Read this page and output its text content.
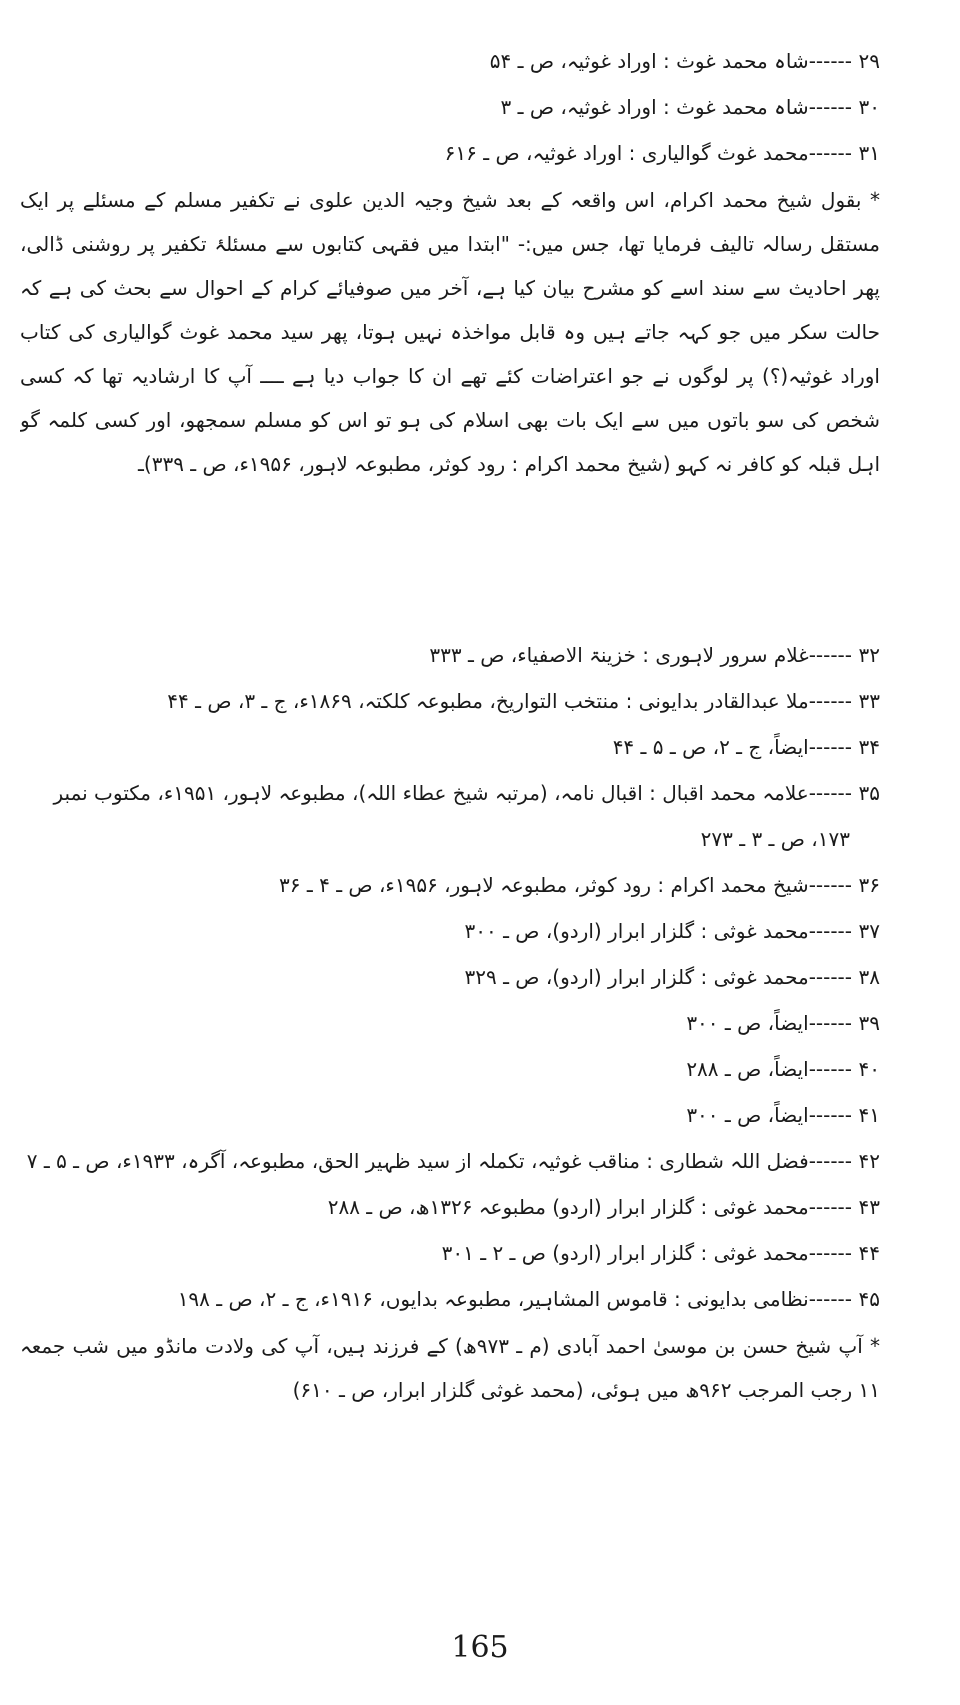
۲۹------شاہ محمد غوث : اوراد غوثیہ، ص ـ ۵۴
۳۰------شاہ محمد غوث : اوراد غوثیہ، ص ـ ۳
۳۱------محمد غوث گوالیاری : اوراد غوثیہ، ص ـ ۶۱۶
* بقول شیخ محمد اکرام، اس واقعہ کے بعد شیخ وجیہ الدین علوی نے تکفیر مسلم کے مسئلے پر ایک مستقل رسالہ تالیف فرمایا تھا، جس میں:- "ابتدا میں فقہی کتابوں سے مسئلۂ تکفیر پر روشنی ڈالی، پھر احادیث سے سند اسے کو مشرح بیان کیا ہے، آخر میں صوفیائے کرام کے احوال سے بحث کی ہے کہ حالت سکر میں جو کہہ جاتے ہیں وہ قابل مواخذہ نہیں ہوتا، پھر سید محمد غوث گوالیاری کی کتاب اوراد غوثیہ(؟) پر لوگوں نے جو اعتراضات کئے تھے ان کا جواب دیا ہے ــــ آپ کا ارشادیہ تھا کہ کسی شخص کی سو باتوں میں سے ایک بات بھی اسلام کی ہو تو اس کو مسلم سمجھو، اور کسی کلمہ گو اہل قبلہ کو کافر نہ کہو (شیخ محمد اکرام : رود کوثر، مطبوعہ لاہور، ۱۹۵۶ء، ص ـ ۳۳۹)ـ
۳۲------غلام سرور لاہوری : خزینۃ الاصفیاء، ص ـ ۳۳۳
۳۳------ملا عبدالقادر بدایونی : منتخب التواریخ، مطبوعہ کلکتہ، ۱۸۶۹ء، ج ـ ۳، ص ـ ۴۴
۳۴------ایضاً، ج ـ ۲، ص ـ ۵ ـ ۴۴
۳۵------علامہ محمد اقبال : اقبال نامہ، (مرتبہ شیخ عطاء اللہ)، مطبوعہ لاہور، ۱۹۵۱ء، مکتوب نمبر
۱۷۳، ص ـ ۳ ـ ۲۷۳
۳۶------شیخ محمد اکرام : رود کوثر، مطبوعہ لاہور، ۱۹۵۶ء، ص ـ ۴ ـ ۳۶
۳۷------محمد غوثی : گلزار ابرار (اردو)، ص ـ ۳۰۰
۳۸------محمد غوثی : گلزار ابرار (اردو)، ص ـ ۳۲۹
۳۹------ایضاً، ص ـ ۳۰۰
۴۰------ایضاً، ص ـ ۲۸۸
۴۱------ایضاً، ص ـ ۳۰۰
۴۲------فضل اللہ شطاری : مناقب غوثیہ، تکملہ از سید ظہیر الحق، مطبوعہ، آگرہ، ۱۹۳۳ء، ص ـ ۵ ـ ۷
۴۳------محمد غوثی : گلزار ابرار (اردو) مطبوعہ ۱۳۲۶ھ، ص ـ ۲۸۸
۴۴------محمد غوثی : گلزار ابرار (اردو) ص ـ ۲ ـ ۳۰۱
۴۵------نظامی بدایونی : قاموس المشاہیر، مطبوعہ بدایوں، ۱۹۱۶ء، ج ـ ۲، ص ـ ۱۹۸
* آپ شیخ حسن بن موسیٰ احمد آبادی (م ـ ۹۷۳ھ) کے فرزند ہیں، آپ کی ولادت مانڈو میں شب جمعہ ۱۱ رجب المرجب ۹۶۲ھ میں ہوئی، (محمد غوثی گلزار ابرار، ص ـ ۶۱۰)
165
